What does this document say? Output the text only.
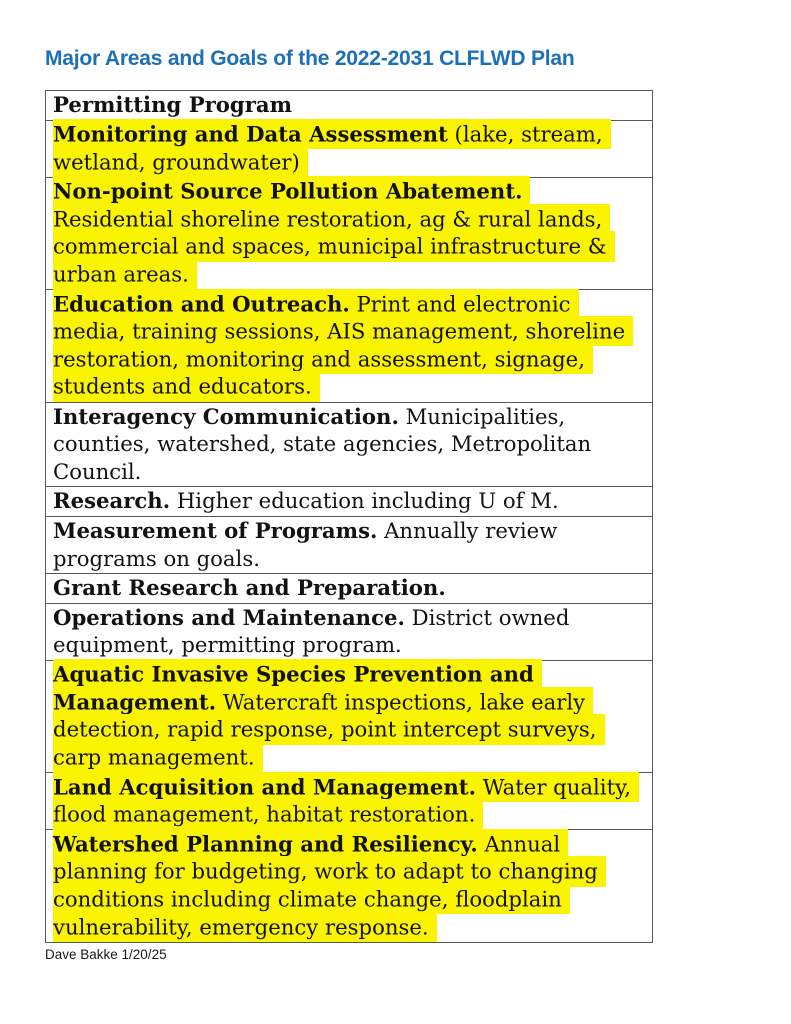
Major Areas and Goals of the 2022-2031 CLFLWD Plan
Permitting Program
Monitoring and Data Assessment (lake, stream, wetland, groundwater)
Non-point Source Pollution Abatement. Residential shoreline restoration, ag & rural lands, commercial and spaces, municipal infrastructure & urban areas.
Education and Outreach. Print and electronic media, training sessions, AIS management, shoreline restoration, monitoring and assessment, signage, students and educators.
Interagency Communication. Municipalities, counties, watershed, state agencies, Metropolitan Council.
Research. Higher education including U of M.
Measurement of Programs. Annually review programs on goals.
Grant Research and Preparation.
Operations and Maintenance. District owned equipment, permitting program.
Aquatic Invasive Species Prevention and Management. Watercraft inspections, lake early detection, rapid response, point intercept surveys, carp management.
Land Acquisition and Management. Water quality, flood management, habitat restoration.
Watershed Planning and Resiliency. Annual planning for budgeting, work to adapt to changing conditions including climate change, floodplain vulnerability, emergency response.
Dave Bakke 1/20/25
